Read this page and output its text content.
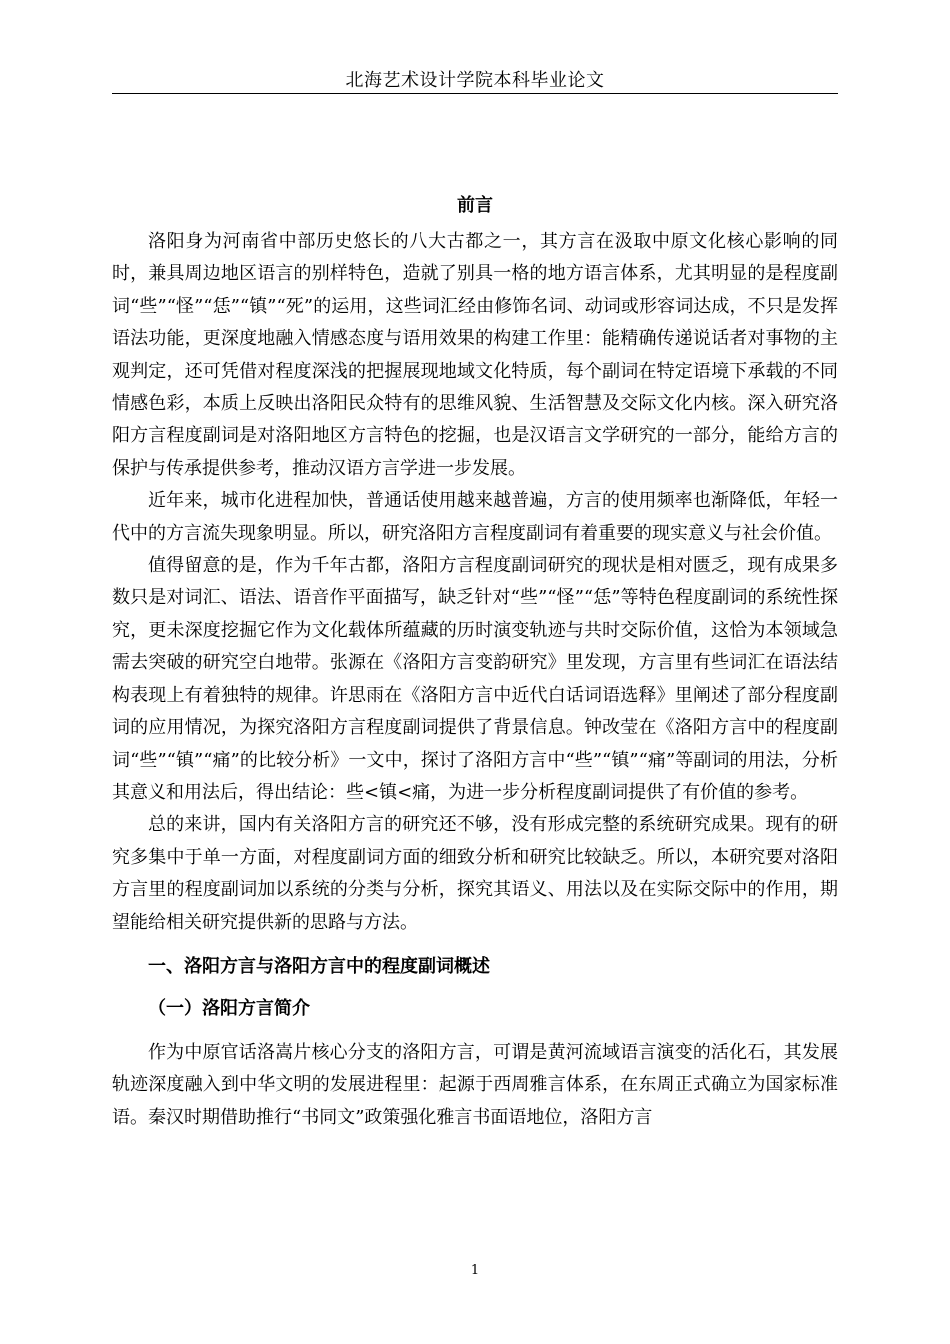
北海艺术设计学院本科毕业论文
前言

洛阳身为河南省中部历史悠长的八大古都之一，其方言在汲取中原文化核心影响的同时，兼具周边地区语言的别样特色，造就了别具一格的地方语言体系，尤其明显的是程度副词“些”“怪”“恁”“镇”“死”的运用，这些词汇经由修饰名词、动词或形容词达成，不只是发挥语法功能，更深度地融入情感态度与语用效果的构建工作里：能精确传递说话者对事物的主观判定，还可凭借对程度深浅的把握展现地域文化特质，每个副词在特定语境下承载的不同情感色彩，本质上反映出洛阳民众特有的思维风貌、生活智慧及交际文化内核。深入研究洛阳方言程度副词是对洛阳地区方言特色的挖掘，也是汉语言文学研究的一部分，能给方言的保护与传承提供参考，推动汉语方言学进一步发展。

近年来，城市化进程加快，普通话使用越来越普遍，方言的使用频率也渐降低，年轻一代中的方言流失现象明显。所以，研究洛阳方言程度副词有着重要的现实意义与社会价值。

值得留意的是，作为千年古都，洛阳方言程度副词研究的现状是相对匮乏，现有成果多数只是对词汇、语法、语音作平面描写，缺乏针对“些”“怪”“恁”等特色程度副词的系统性探究，更未深度挖掘它作为文化载体所蕴藏的历时演变轨迹与共时交际价值，这恰为本领域急需去突破的研究空白地带。张源在《洛阳方言变韵研究》里发现，方言里有些词汇在语法结构表现上有着独特的规律。许思雨在《洛阳方言中近代白话词语选释》里阐述了部分程度副词的应用情况，为探究洛阳方言程度副词提供了背景信息。钟改莹在《洛阳方言中的程度副词“些”“镇”“痛”的比较分析》一文中，探讨了洛阳方言中“些”“镇”“痛”等副词的用法，分析其意义和用法后，得出结论：些<镇<痛，为进一步分析程度副词提供了有价值的参考。

总的来讲，国内有关洛阳方言的研究还不够，没有形成完整的系统研究成果。现有的研究多集中于单一方面，对程度副词方面的细致分析和研究比较缺乏。所以，本研究要对洛阳方言里的程度副词加以系统的分类与分析，探究其语义、用法以及在实际交际中的作用，期望能给相关研究提供新的思路与方法。

一、洛阳方言与洛阳方言中的程度副词概述
（一）洛阳方言简介

作为中原官话洛嵩片核心分支的洛阳方言，可谓是黄河流域语言演变的活化石，其发展轨迹深度融入到中华文明的发展进程里：起源于西周雅言体系，在东周正式确立为国家标准语。秦汉时期借助推行“书同文”政策强化雅言书面语地位，洛阳方言

1
